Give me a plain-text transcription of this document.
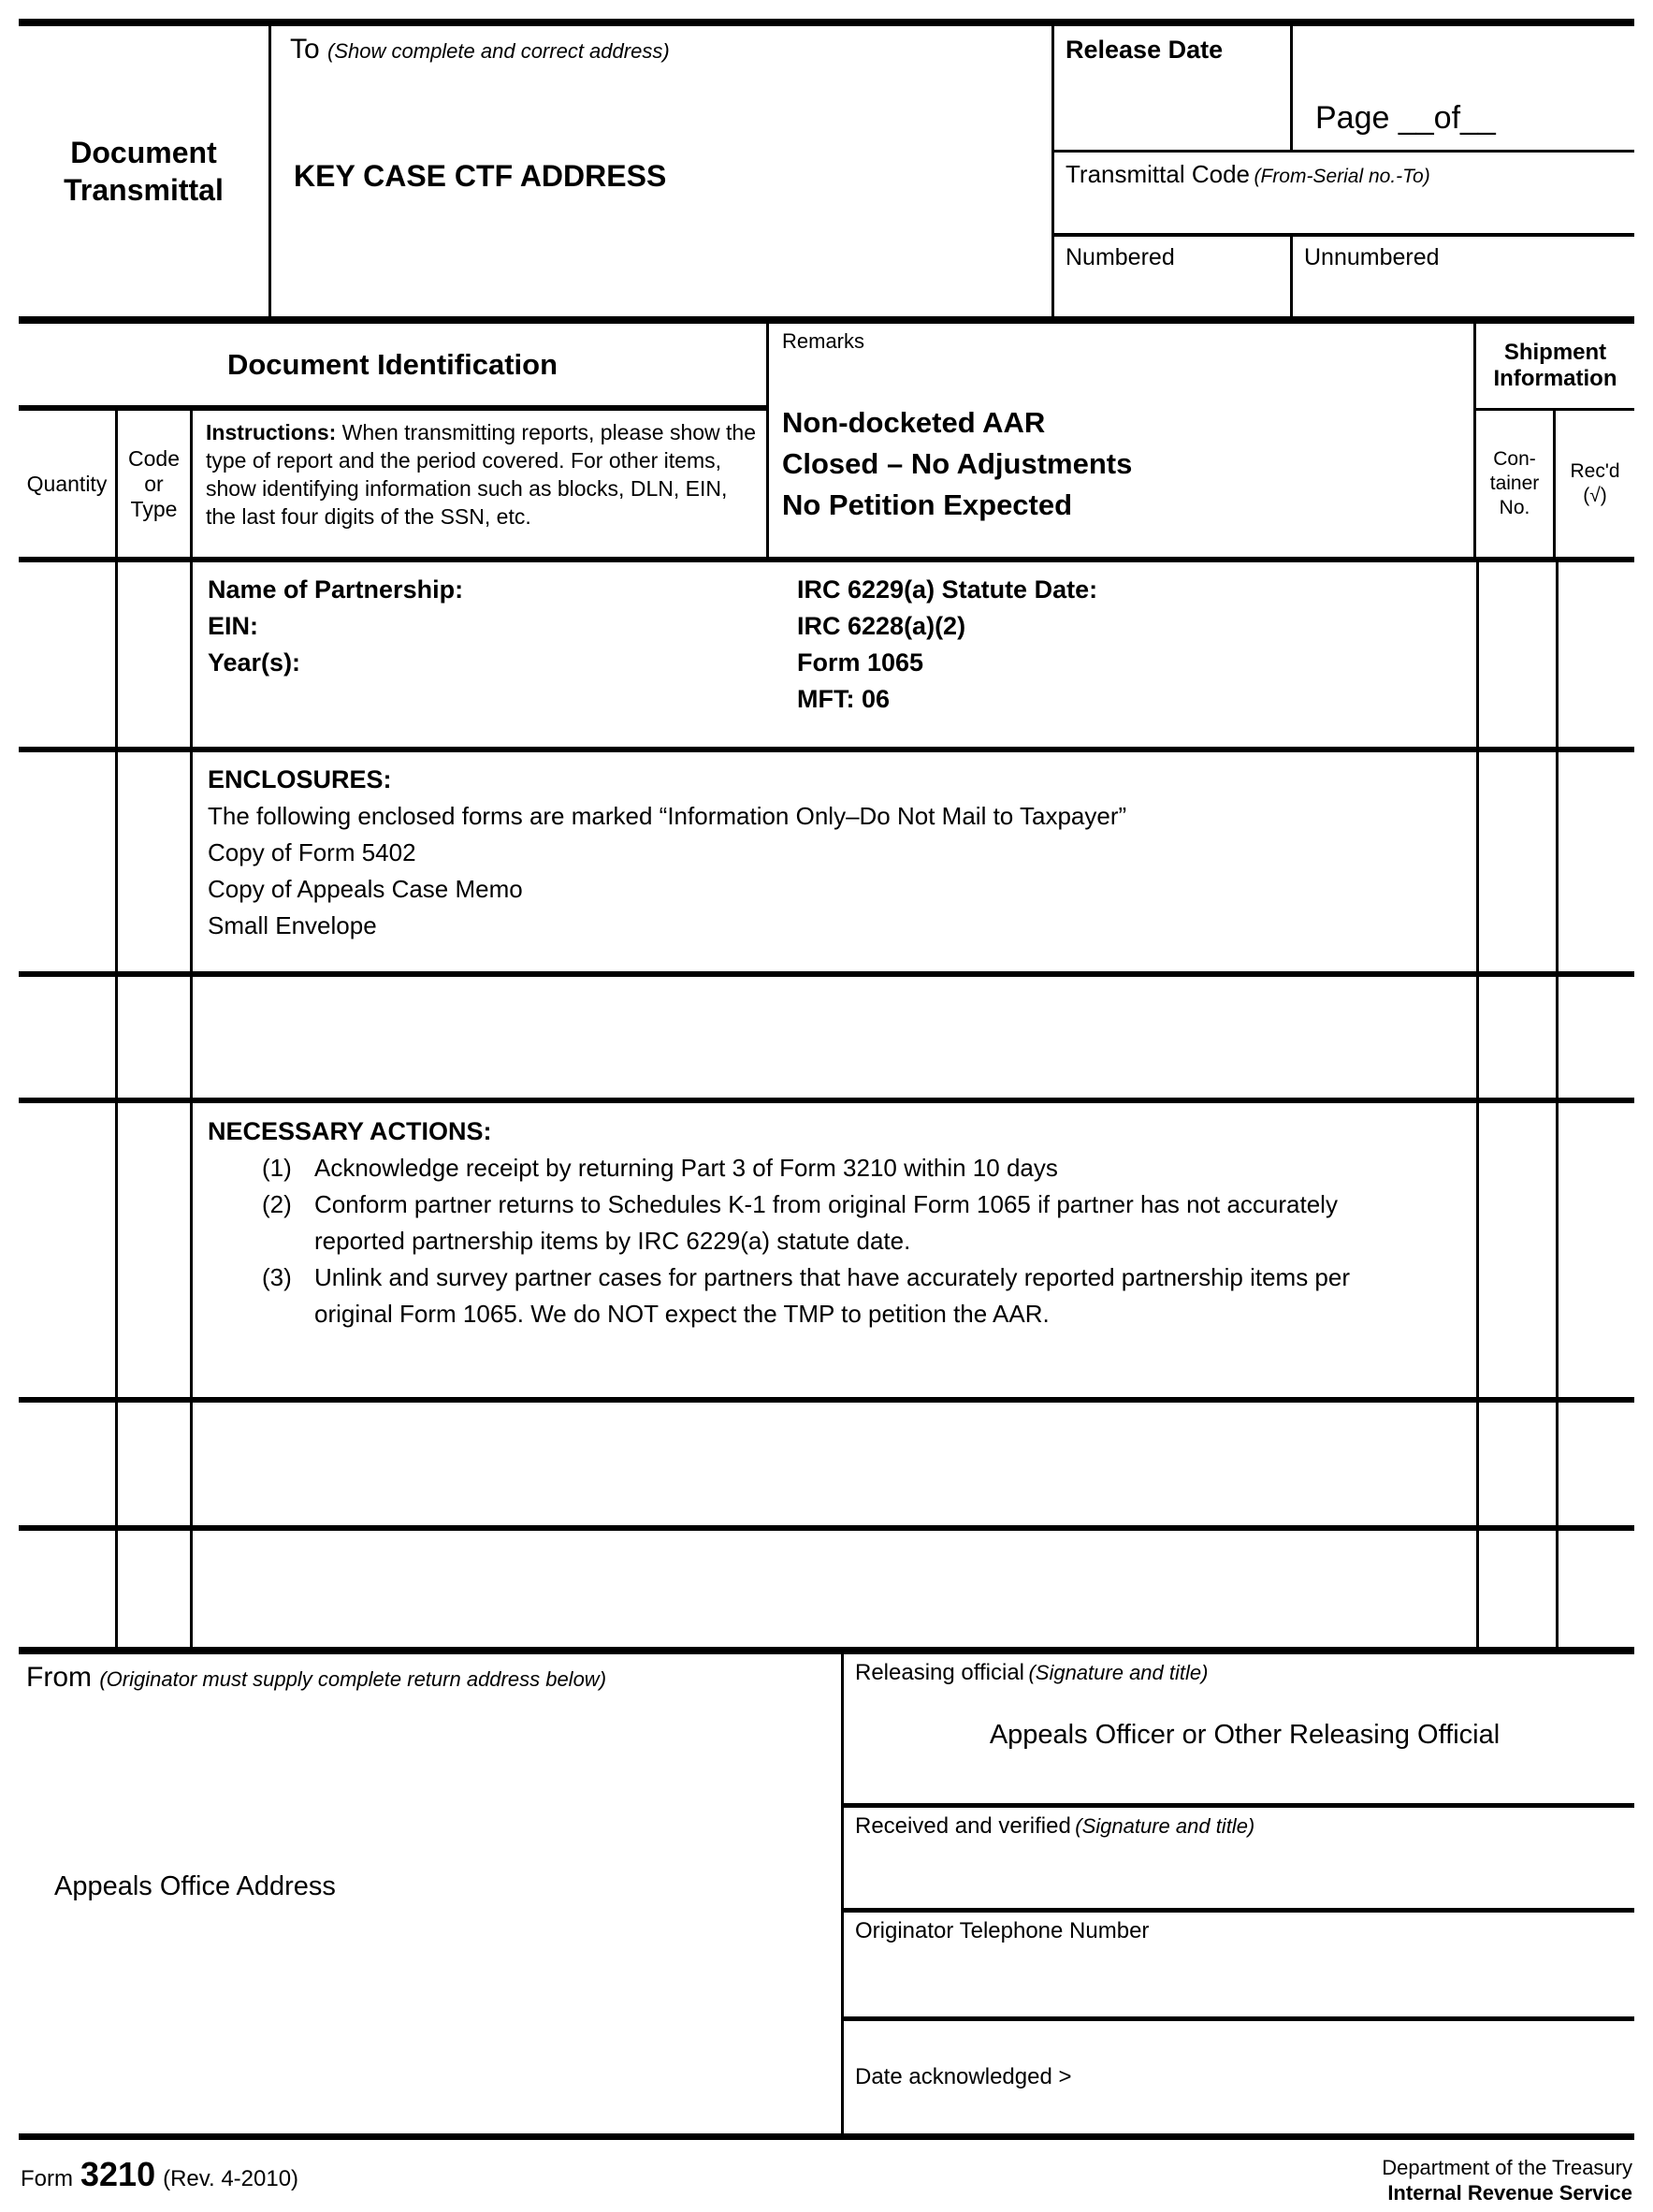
Document Transmittal
To (Show complete and correct address)
KEY CASE CTF ADDRESS
Release Date
Page __of__
Transmittal Code (From-Serial no.-To)
Numbered	Unnumbered
Document Identification
Quantity
Code
or
Type
Instructions: When transmitting reports, please show the type of report and the period covered. For other items, show identifying information such as blocks, DLN, EIN, the last four digits of the SSN, etc.
Remarks
Non-docketed AAR
Closed – No Adjustments
No Petition Expected
Shipment Information
Con-
tainer
No.
Rec'd
(√)
Name of Partnership:
EIN:
Year(s):
IRC 6229(a) Statute Date:
IRC 6228(a)(2)
Form 1065
MFT: 06
ENCLOSURES:
The following enclosed forms are marked “Information Only–Do Not Mail to Taxpayer”
Copy of Form 5402
Copy of Appeals Case Memo
Small Envelope
NECESSARY ACTIONS:
(1) Acknowledge receipt by returning Part 3 of Form 3210 within 10 days
(2) Conform partner returns to Schedules K-1 from original Form 1065 if partner has not accurately reported partnership items by IRC 6229(a) statute date.
(3) Unlink and survey partner cases for partners that have accurately reported partnership items per original Form 1065. We do NOT expect the TMP to petition the AAR.
From (Originator must supply complete return address below)
Appeals Office Address
Releasing official (Signature and title)
Appeals Officer or Other Releasing Official
Received and verified (Signature and title)
Originator Telephone Number
Date acknowledged >
Form 3210 (Rev. 4-2010)	Department of the Treasury
Internal Revenue Service
